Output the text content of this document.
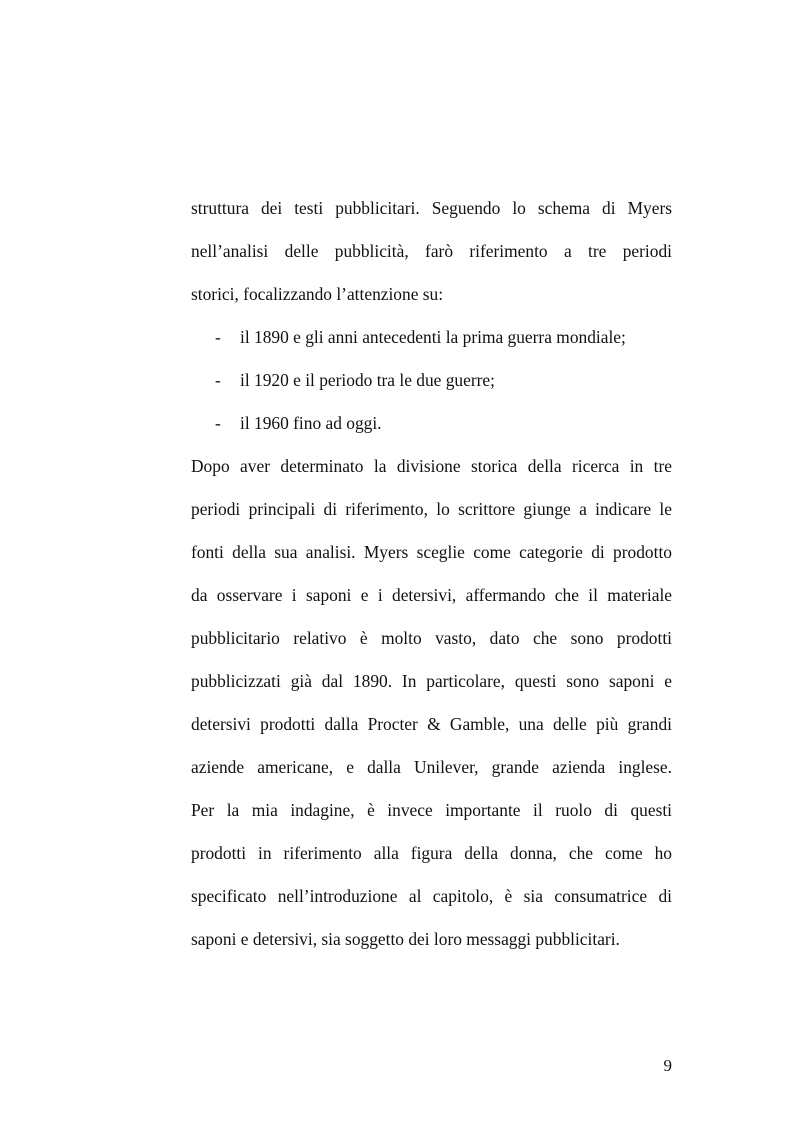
struttura dei testi pubblicitari. Seguendo lo schema di Myers
nell’analisi delle pubblicità, farò riferimento a tre periodi
storici, focalizzando l’attenzione su:
- il 1890 e gli anni antecedenti la prima guerra mondiale;
- il 1920 e il periodo tra le due guerre;
- il 1960 fino ad oggi.
Dopo aver determinato la divisione storica della ricerca in tre
periodi principali di riferimento, lo scrittore giunge a indicare le
fonti della sua analisi. Myers sceglie come categorie di prodotto
da osservare i saponi e i detersivi, affermando che il materiale
pubblicitario relativo è molto vasto, dato che sono prodotti
pubblicizzati già dal 1890. In particolare, questi sono saponi e
detersivi prodotti dalla Procter & Gamble, una delle più grandi
aziende americane, e dalla Unilever, grande azienda inglese.
Per la mia indagine, è invece importante il ruolo di questi
prodotti in riferimento alla figura della donna, che come ho
specificato nell’introduzione al capitolo, è sia consumatrice di
saponi e detersivi, sia soggetto dei loro messaggi pubblicitari.
9
